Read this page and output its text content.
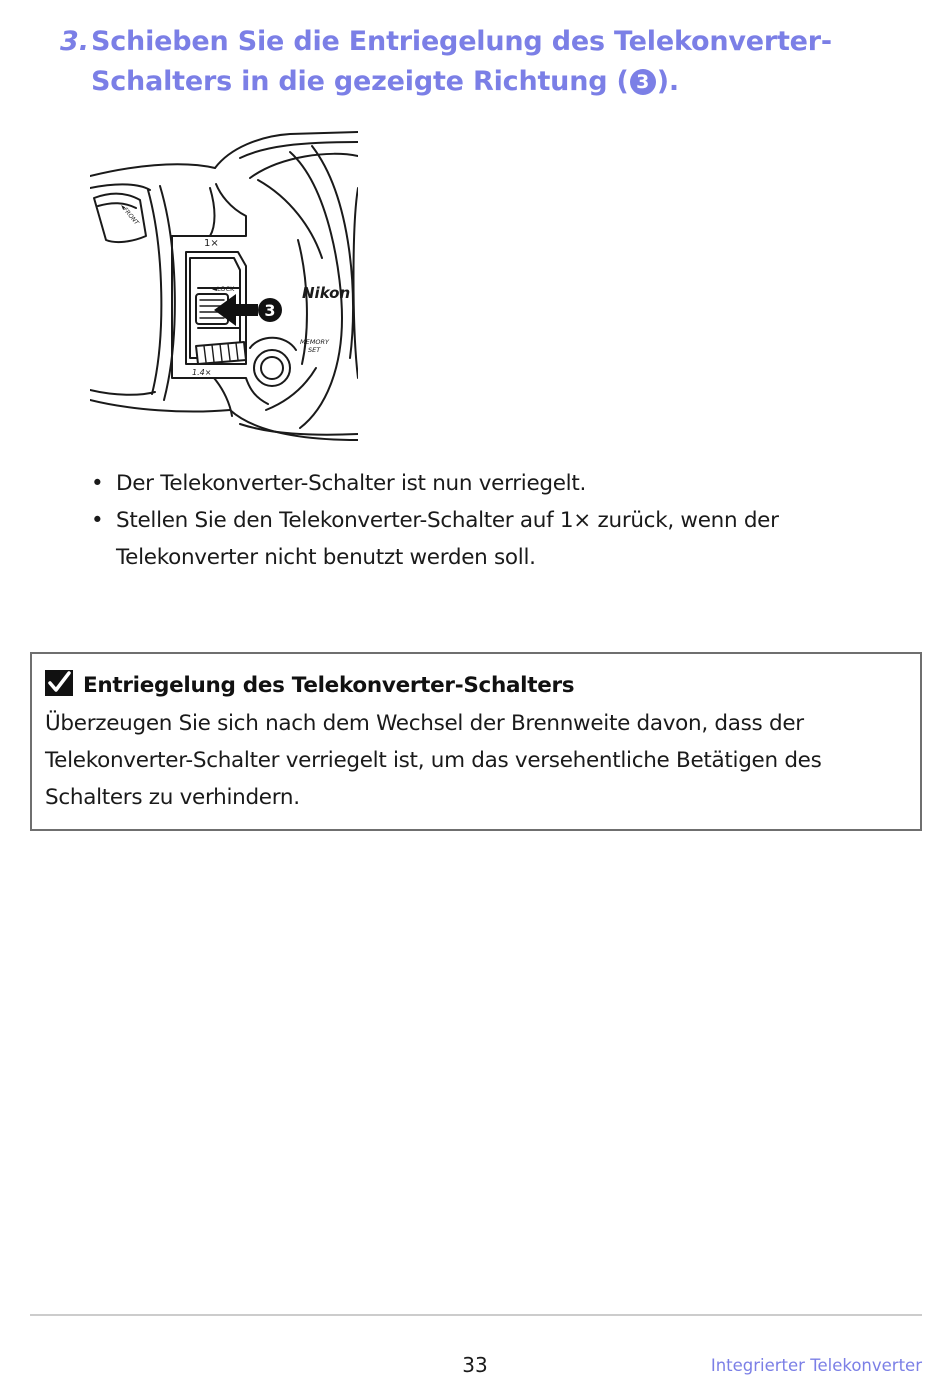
3. Schieben Sie die Entriegelung des Telekonverter-Schalters in die gezeigte Richtung ( 3 ).
3
1×
◄LOCK
1.4×
Nikon
MEMORY
SET
◄FRONT
• Der Telekonverter-Schalter ist nun verriegelt.
• Stellen Sie den Telekonverter-Schalter auf 1× zurück, wenn der Telekonverter nicht benutzt werden soll.
Entriegelung des Telekonverter-Schalters
Überzeugen Sie sich nach dem Wechsel der Brennweite davon, dass der Telekonverter-Schalter verriegelt ist, um das versehentliche Betätigen des Schalters zu verhindern.
33	Integrierter Telekonverter
